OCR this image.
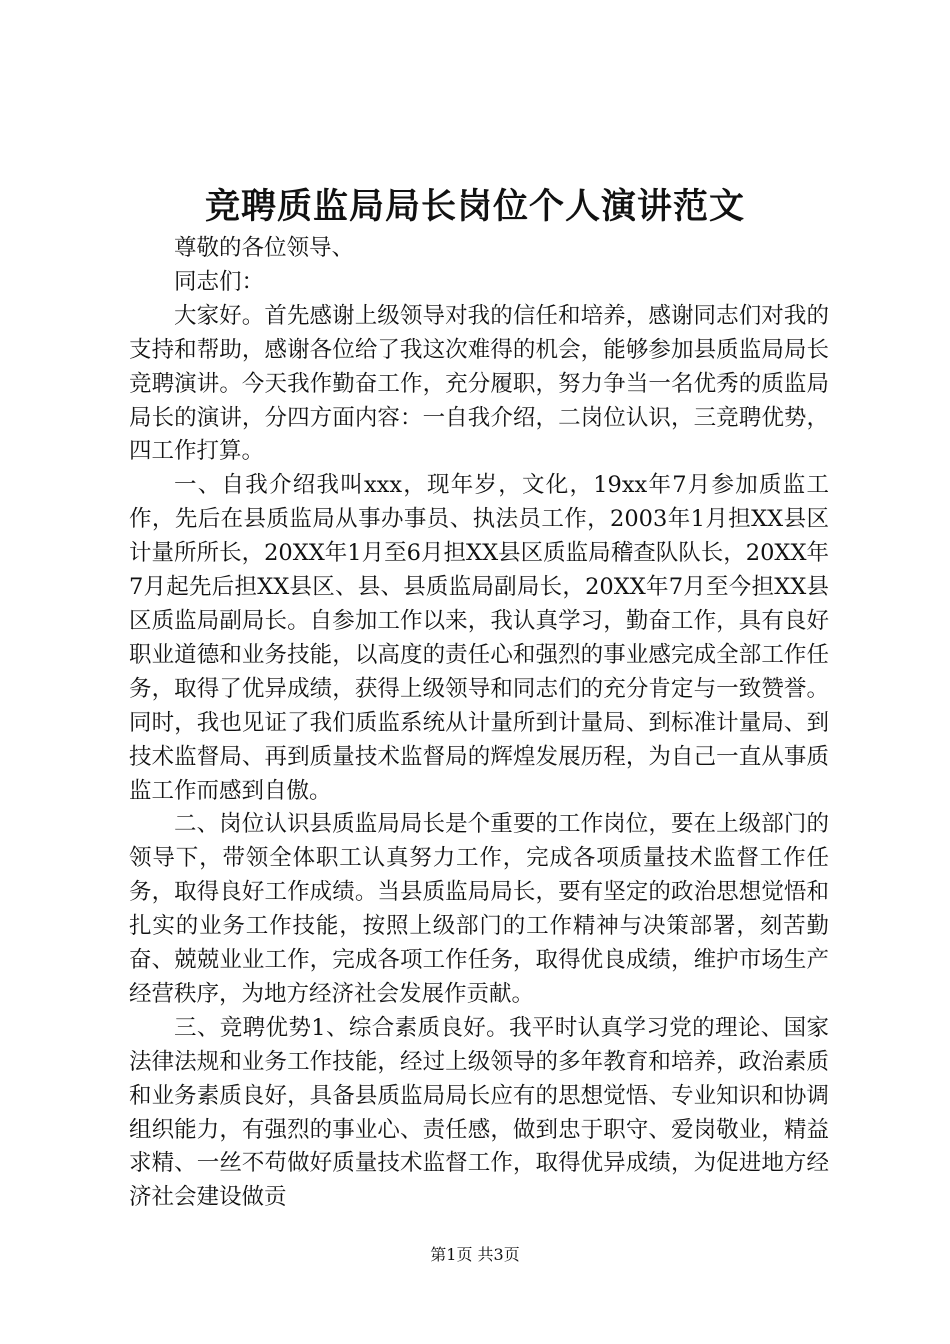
竞聘质监局局长岗位个人演讲范文

尊敬的各位领导、

同志们：

大家好。首先感谢上级领导对我的信任和培养，感谢同志们对我的支持和帮助，感谢各位给了我这次难得的机会，能够参加县质监局局长竞聘演讲。今天我作勤奋工作，充分履职，努力争当一名优秀的质监局局长的演讲，分四方面内容：一自我介绍，二岗位认识，三竞聘优势，四工作打算。

一、自我介绍我叫xxx，现年岁，文化，19xx年7月参加质监工作，先后在县质监局从事办事员、执法员工作，2003年1月担XX县区计量所所长，20XX年1月至6月担XX县区质监局稽查队队长，20XX年7月起先后担XX县区、县、县质监局副局长，20XX年7月至今担XX县区质监局副局长。自参加工作以来，我认真学习，勤奋工作，具有良好职业道德和业务技能，以高度的责任心和强烈的事业感完成全部工作任务，取得了优异成绩，获得上级领导和同志们的充分肯定与一致赞誉。同时，我也见证了我们质监系统从计量所到计量局、到标准计量局、到技术监督局、再到质量技术监督局的辉煌发展历程，为自己一直从事质监工作而感到自傲。

二、岗位认识县质监局局长是个重要的工作岗位，要在上级部门的领导下，带领全体职工认真努力工作，完成各项质量技术监督工作任务，取得良好工作成绩。当县质监局局长，要有坚定的政治思想觉悟和扎实的业务工作技能，按照上级部门的工作精神与决策部署，刻苦勤奋、兢兢业业工作，完成各项工作任务，取得优良成绩，维护市场生产经营秩序，为地方经济社会发展作贡献。

三、竞聘优势1、综合素质良好。我平时认真学习党的理论、国家法律法规和业务工作技能，经过上级领导的多年教育和培养，政治素质和业务素质良好，具备县质监局局长应有的思想觉悟、专业知识和协调组织能力，有强烈的事业心、责任感，做到忠于职守、爱岗敬业，精益求精、一丝不苟做好质量技术监督工作，取得优异成绩，为促进地方经济社会建设做贡

第1页 共3页
